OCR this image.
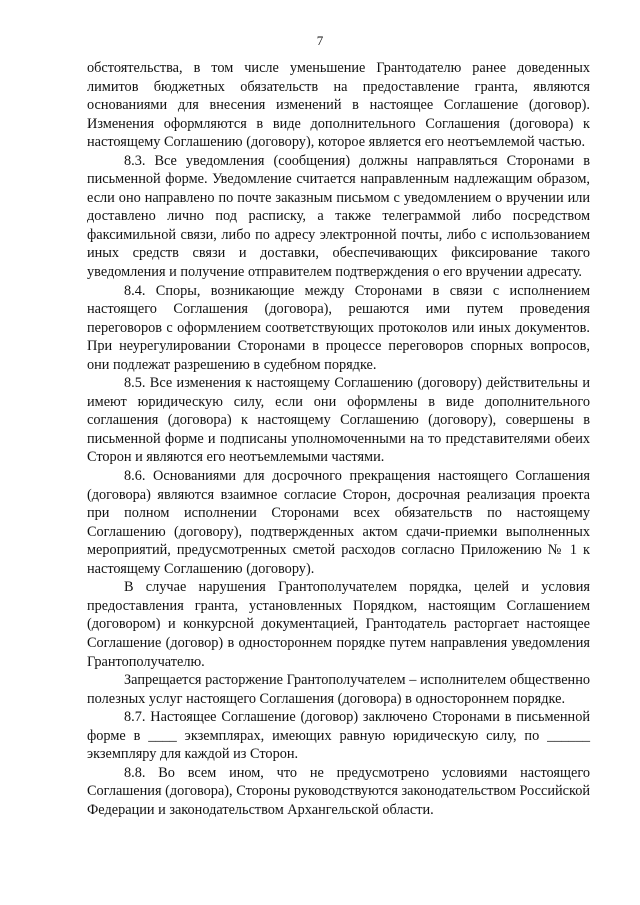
7

обстоятельства, в том числе уменьшение Грантодателю ранее доведенных лимитов бюджетных обязательств на предоставление гранта, являются основаниями для внесения изменений в настоящее Соглашение (договор). Изменения оформляются в виде дополнительного Соглашения (договора) к настоящему Соглашению (договору), которое является его неотъемлемой частью.

8.3. Все уведомления (сообщения) должны направляться Сторонами в письменной форме. Уведомление считается направленным надлежащим образом, если оно направлено по почте заказным письмом с уведомлением о вручении или доставлено лично под расписку, а также телеграммой либо посредством факсимильной связи, либо по адресу электронной почты, либо с использованием иных средств связи и доставки, обеспечивающих фиксирование такого уведомления и получение отправителем подтверждения о его вручении адресату.

8.4. Споры, возникающие между Сторонами в связи с исполнением настоящего Соглашения (договора), решаются ими путем проведения переговоров с оформлением соответствующих протоколов или иных документов. При неурегулировании Сторонами в процессе переговоров спорных вопросов, они подлежат разрешению в судебном порядке.

8.5. Все изменения к настоящему Соглашению (договору) действительны и имеют юридическую силу, если они оформлены в виде дополнительного соглашения (договора) к настоящему Соглашению (договору), совершены в письменной форме и подписаны уполномоченными на то представителями обеих Сторон и являются его неотъемлемыми частями.

8.6. Основаниями для досрочного прекращения настоящего Соглашения (договора) являются взаимное согласие Сторон, досрочная реализация проекта при полном исполнении Сторонами всех обязательств по настоящему Соглашению (договору), подтвержденных актом сдачи-приемки выполненных мероприятий, предусмотренных сметой расходов согласно Приложению № 1 к настоящему Соглашению (договору).

В случае нарушения Грантополучателем порядка, целей и условия предоставления гранта, установленных Порядком, настоящим Соглашением (договором) и конкурсной документацией, Грантодатель расторгает настоящее Соглашение (договор) в одностороннем порядке путем направления уведомления Грантополучателю.

Запрещается расторжение Грантополучателем – исполнителем общественно полезных услуг настоящего Соглашения (договора) в одностороннем порядке.

8.7. Настоящее Соглашение (договор) заключено Сторонами в письменной форме в ____ экземплярах, имеющих равную юридическую силу, по ______ экземпляру для каждой из Сторон.

8.8. Во всем ином, что не предусмотрено условиями настоящего Соглашения (договора), Стороны руководствуются законодательством Российской Федерации и законодательством Архангельской области.
